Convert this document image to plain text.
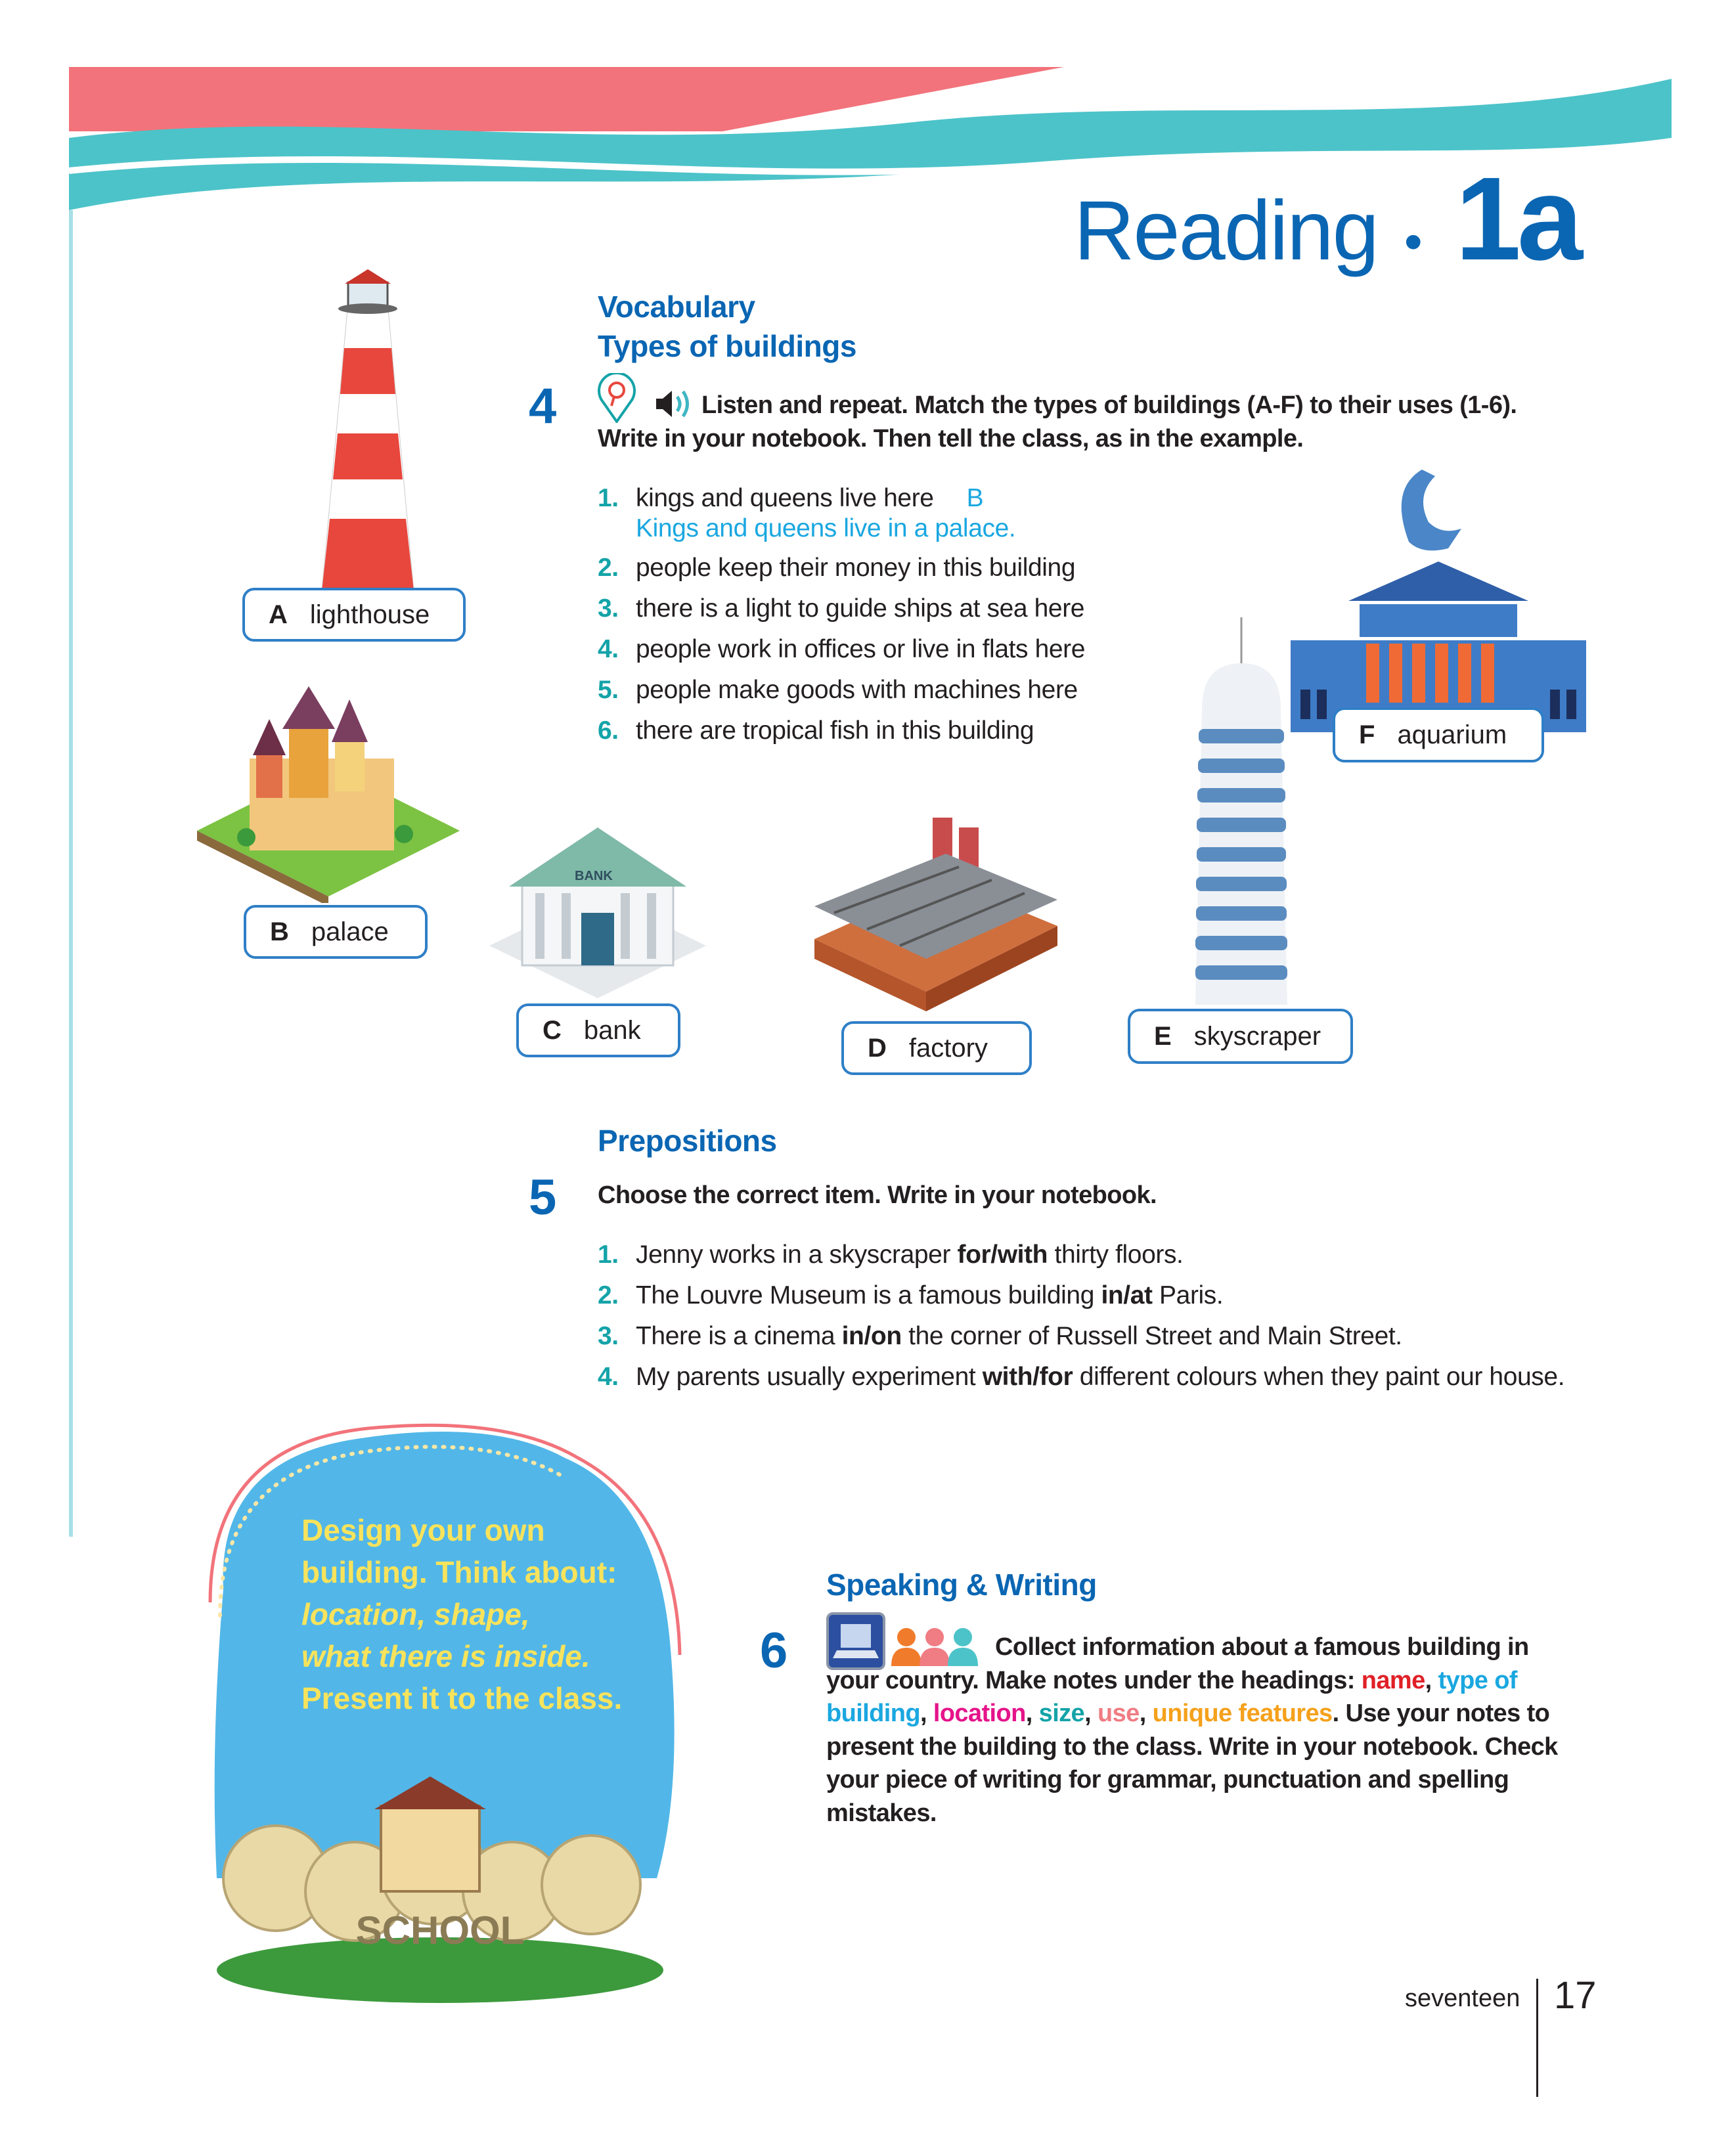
Reading • 1a
Vocabulary
Types of buildings
4	Listen and repeat. Match the types of buildings (A-F) to their uses (1-6).
Write in your notebook. Then tell the class, as in the example.
1. kings and queens live here B

Kings and queens live in a palace.
2. people keep their money in this building
3. there is a light to guide ships at sea here
4. people work in offices or live in flats here
5. people make goods with machines here
6. there are tropical fish in this building
BANK
A lighthouse
B palace
C bank
D factory	E skyscraper
F aquarium
Prepositions
5 Choose the correct item. Write in your notebook.
1. Jenny works in a skyscraper for/with thirty floors.
2. The Louvre Museum is a famous building in/at Paris.
3. There is a cinema in/on the corner of Russell Street and Main Street.
4. My parents usually experiment with/for different colours when they paint our house.
SCHOOL
Design your own
building. Think about:
location, shape,
what there is inside.
Present it to the class.
Speaking & Writing
6	Collect information about a famous building in your country. Make notes under the headings: name, type of building, location, size, use, unique features. Use your notes to present the building to the class. Write in your notebook. Check your piece of writing for grammar, punctuation and spelling mistakes.
seventeen 17
